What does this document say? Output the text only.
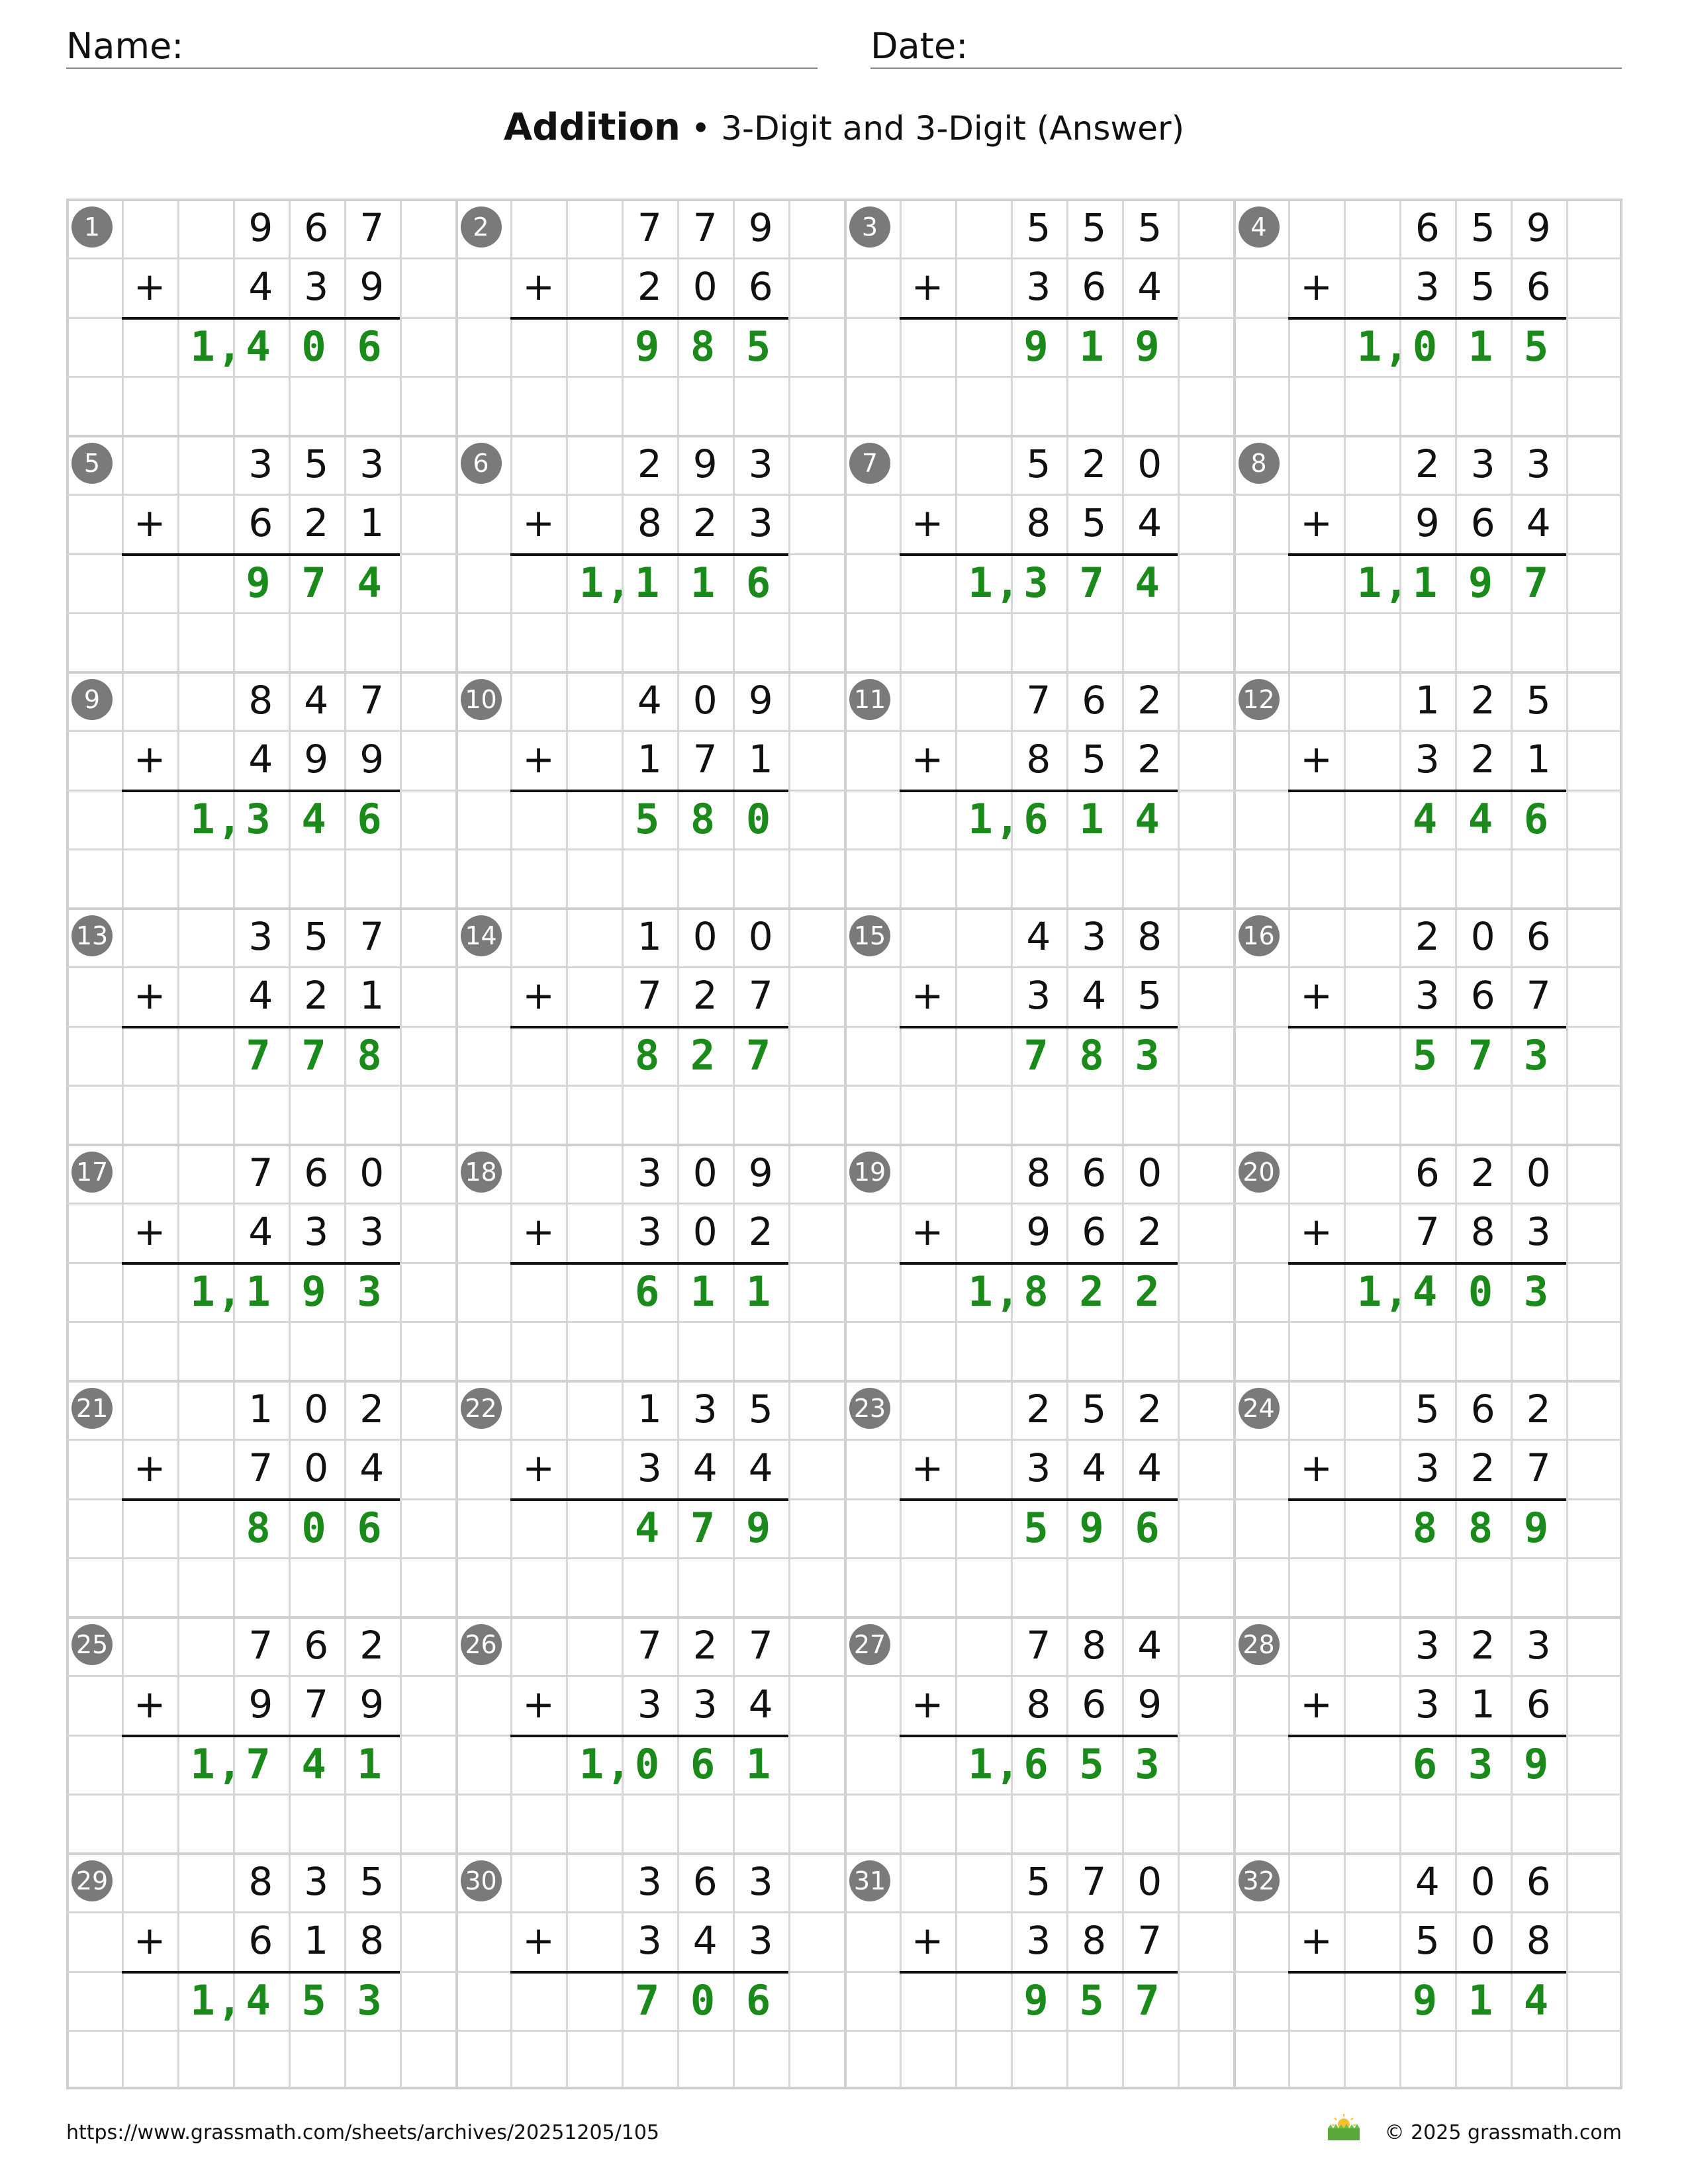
Name:	Date:
Addition • 3-Digit and 3-Digit (Answer)
1	9 6 7
+	4 3 9
1,4 0 6
2	7 7 9
+	2 0 6
9 8 5
3	5 5 5
+	3 6 4
9 1 9
4	6 5 9
+	3 5 6
1,0 1 5
5	3 5 3
+	6 2 1
9 7 4
6	2 9 3
+	8 2 3
1,1 1 6
7	5 2 0
+	8 5 4
1,3 7 4
8	2 3 3
+	9 6 4
1,1 9 7
9	8 4 7
+	4 9 9
1,3 4 6
10	4 0 9
+	1 7 1
5 8 0
11	7 6 2
+	8 5 2
1,6 1 4
12	1 2 5
+	3 2 1
4 4 6
13	3 5 7
+	4 2 1
7 7 8
14	1 0 0
+	7 2 7
8 2 7
15	4 3 8
+	3 4 5
7 8 3
16	2 0 6
+	3 6 7
5 7 3
17	7 6 0
+	4 3 3
1,1 9 3
18	3 0 9
+	3 0 2
6 1 1
19	8 6 0
+	9 6 2
1,8 2 2
20	6 2 0
+	7 8 3
1,4 0 3
21	1 0 2
+	7 0 4
8 0 6
22	1 3 5
+	3 4 4
4 7 9
23	2 5 2
+	3 4 4
5 9 6
24	5 6 2
+	3 2 7
8 8 9
25	7 6 2
+	9 7 9
1,7 4 1
26	7 2 7
+	3 3 4
1,0 6 1
27	7 8 4
+	8 6 9
1,6 5 3
28	3 2 3
+	3 1 6
6 3 9
29	8 3 5
+	6 1 8
1,4 5 3
30	3 6 3
+	3 4 3
7 0 6
31	5 7 0
+	3 8 7
9 5 7
32	4 0 6
+	5 0 8
9 1 4
https://www.grassmath.com/sheets/archives/20251205/105	© 2025 grassmath.com
